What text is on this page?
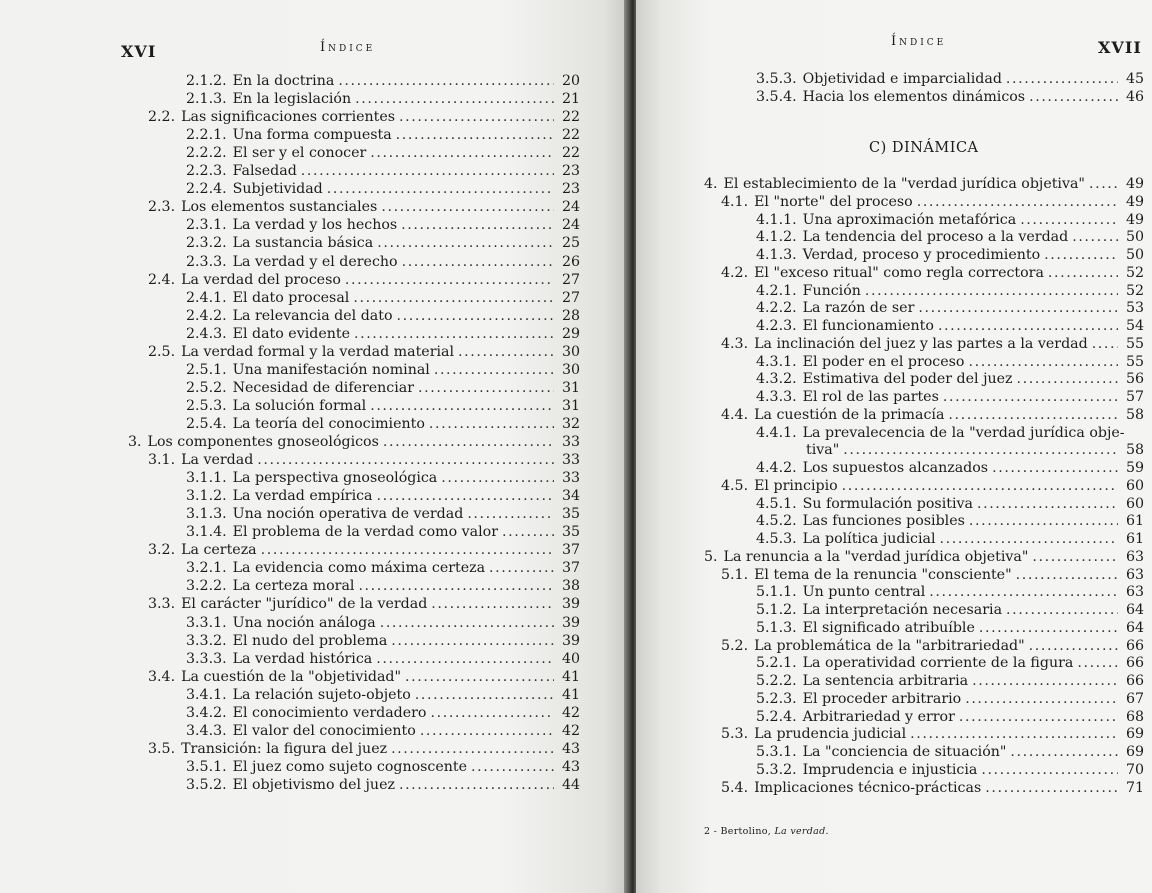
XVI	Índice
2.1.2. En la doctrina .....	20
2.1.3. En la legislación .....	21
2.2. Las significaciones corrientes .....	22
2.2.1. Una forma compuesta .....	22
2.2.2. El ser y el conocer .....	22
2.2.3. Falsedad .....	23
2.2.4. Subjetividad .....	23
2.3. Los elementos sustanciales .....	24
2.3.1. La verdad y los hechos .....	24
2.3.2. La sustancia básica .....	25
2.3.3. La verdad y el derecho .....	26
2.4. La verdad del proceso .....	27
2.4.1. El dato procesal .....	27
2.4.2. La relevancia del dato .....	28
2.4.3. El dato evidente .....	29
2.5. La verdad formal y la verdad material .....	30
2.5.1. Una manifestación nominal .....	30
2.5.2. Necesidad de diferenciar .....	31
2.5.3. La solución formal .....	31
2.5.4. La teoría del conocimiento .....	32
3. Los componentes gnoseológicos .....	33
3.1. La verdad .....	33
3.1.1. La perspectiva gnoseológica .....	33
3.1.2. La verdad empírica .....	34
3.1.3. Una noción operativa de verdad .....	35
3.1.4. El problema de la verdad como valor .....	35
3.2. La certeza .....	37
3.2.1. La evidencia como máxima certeza .....	37
3.2.2. La certeza moral .....	38
3.3. El carácter "jurídico" de la verdad .....	39
3.3.1. Una noción análoga .....	39
3.3.2. El nudo del problema .....	39
3.3.3. La verdad histórica .....	40
3.4. La cuestión de la "objetividad" .....	41
3.4.1. La relación sujeto-objeto .....	41
3.4.2. El conocimiento verdadero .....	42
3.4.3. El valor del conocimiento .....	42
3.5. Transición: la figura del juez .....	43
3.5.1. El juez como sujeto cognoscente .....	43
3.5.2. El objetivismo del juez .....	44
Índice	XVII
3.5.3. Objetividad e imparcialidad .....	45
3.5.4. Hacia los elementos dinámicos .....	46
C) DINÁMICA
4. El establecimiento de la "verdad jurídica objetiva" .....	49
4.1. El "norte" del proceso .....	49
4.1.1. Una aproximación metafórica .....	49
4.1.2. La tendencia del proceso a la verdad .....	50
4.1.3. Verdad, proceso y procedimiento .....	50
4.2. El "exceso ritual" como regla correctora .....	52
4.2.1. Función .....	52
4.2.2. La razón de ser .....	53
4.2.3. El funcionamiento .....	54
4.3. La inclinación del juez y las partes a la verdad .....	55
4.3.1. El poder en el proceso .....	55
4.3.2. Estimativa del poder del juez .....	56
4.3.3. El rol de las partes .....	57
4.4. La cuestión de la primacía .....	58
4.4.1. La prevalecencia de la "verdad jurídica obje-
tiva" .....	58
4.4.2. Los supuestos alcanzados .....	59
4.5. El principio .....	60
4.5.1. Su formulación positiva .....	60
4.5.2. Las funciones posibles .....	61
4.5.3. La política judicial .....	61
5. La renuncia a la "verdad jurídica objetiva" .....	63
5.1. El tema de la renuncia "consciente" .....	63
5.1.1. Un punto central .....	63
5.1.2. La interpretación necesaria .....	64
5.1.3. El significado atribuíble .....	64
5.2. La problemática de la "arbitrariedad" .....	66
5.2.1. La operatividad corriente de la figura .....	66
5.2.2. La sentencia arbitraria .....	66
5.2.3. El proceder arbitrario .....	67
5.2.4. Arbitrariedad y error .....	68
5.3. La prudencia judicial .....	69
5.3.1. La "conciencia de situación" .....	69
5.3.2. Imprudencia e injusticia .....	70
5.4. Implicaciones técnico-prácticas .....	71
2 - Bertolino, La verdad.
